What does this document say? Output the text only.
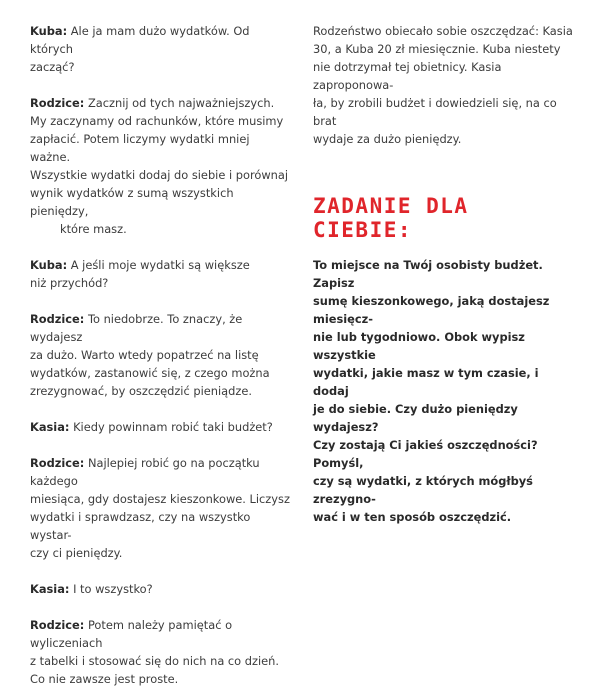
Kuba: Ale ja mam dużo wydatków. Od których
zacząć?

Rodzice: Zacznij od tych najważniejszych.
My zaczynamy od rachunków, które musimy
zapłacić. Potem liczymy wydatki mniej ważne.
Wszystkie wydatki dodaj do siebie i porównaj
wynik wydatków z sumą wszystkich pieniędzy,
które masz.

Kuba: A jeśli moje wydatki są większe
niż przychód?

Rodzice: To niedobrze. To znaczy, że wydajesz
za dużo. Warto wtedy popatrzeć na listę
wydatków, zastanowić się, z czego można
zrezygnować, by oszczędzić pieniądze.

Kasia: Kiedy powinnam robić taki budżet?

Rodzice: Najlepiej robić go na początku każdego
miesiąca, gdy dostajesz kieszonkowe. Liczysz
wydatki i sprawdzasz, czy na wszystko wystar-
czy ci pieniędzy.

Kasia: I to wszystko?

Rodzice: Potem należy pamiętać o wyliczeniach
z tabelki i stosować się do nich na co dzień.
Co nie zawsze jest proste.

Rodzeństwo obiecało sobie oszczędzać: Kasia
30, a Kuba 20 zł miesięcznie. Kuba niestety
nie dotrzymał tej obietnicy. Kasia zaproponowa-
ła, by zrobili budżet i dowiedzieli się, na co brat
wydaje za dużo pieniędzy.

ZADANIE DLA CIEBIE:

To miejsce na Twój osobisty budżet. Zapisz
sumę kieszonkowego, jaką dostajesz miesięcz-
nie lub tygodniowo. Obok wypisz wszystkie
wydatki, jakie masz w tym czasie, i dodaj
je do siebie. Czy dużo pieniędzy wydajesz?
Czy zostają Ci jakieś oszczędności? Pomyśl,
czy są wydatki, z których mógłbyś zrezygno-
wać i w ten sposób oszczędzić.
